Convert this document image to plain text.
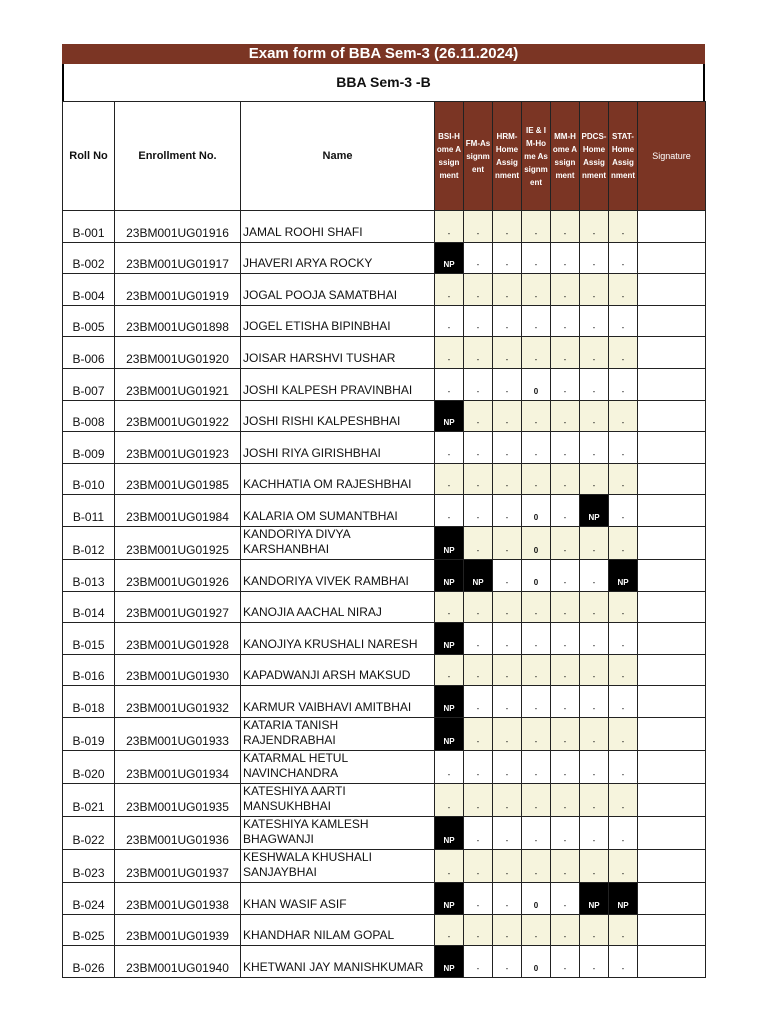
Exam form of BBA Sem-3 (26.11.2024)
BBA Sem-3 -B
Roll No	Enrollment No.	Name	BSI-Home Assignment	FM-Assignment	HRM-Home Assignment	IE & IM-Home Assignment	MM-Home Assignment	PDCS-Home Assignment	STAT-Home Assignment	Signature
B-001	23BM001UG01916	JAMAL ROOHI SHAFI	-	-	-	-	-	-	-	
B-002	23BM001UG01917	JHAVERI ARYA ROCKY	NP	-	-	-	-	-	-	
B-004	23BM001UG01919	JOGAL POOJA SAMATBHAI	-	-	-	-	-	-	-	
B-005	23BM001UG01898	JOGEL ETISHA BIPINBHAI	-	-	-	-	-	-	-	
B-006	23BM001UG01920	JOISAR HARSHVI TUSHAR	-	-	-	-	-	-	-	
B-007	23BM001UG01921	JOSHI KALPESH PRAVINBHAI	-	-	-	0	-	-	-	
B-008	23BM001UG01922	JOSHI RISHI KALPESHBHAI	NP	-	-	-	-	-	-	
B-009	23BM001UG01923	JOSHI RIYA GIRISHBHAI	-	-	-	-	-	-	-	
B-010	23BM001UG01985	KACHHATIA OM RAJESHBHAI	-	-	-	-	-	-	-	
B-011	23BM001UG01984	KALARIA OM SUMANTBHAI	-	-	-	0	-	NP	-	
B-012	23BM001UG01925	KANDORIYA DIVYA KARSHANBHAI	NP	-	-	0	-	-	-	
B-013	23BM001UG01926	KANDORIYA VIVEK RAMBHAI	NP	NP	-	0	-	-	NP	
B-014	23BM001UG01927	KANOJIA AACHAL NIRAJ	-	-	-	-	-	-	-	
B-015	23BM001UG01928	KANOJIYA KRUSHALI NARESH	NP	-	-	-	-	-	-	
B-016	23BM001UG01930	KAPADWANJI ARSH MAKSUD	-	-	-	-	-	-	-	
B-018	23BM001UG01932	KARMUR VAIBHAVI AMITBHAI	NP	-	-	-	-	-	-	
B-019	23BM001UG01933	KATARIA TANISH RAJENDRABHAI	NP	-	-	-	-	-	-	
B-020	23BM001UG01934	KATARMAL HETUL NAVINCHANDRA	-	-	-	-	-	-	-	
B-021	23BM001UG01935	KATESHIYA AARTI MANSUKHBHAI	-	-	-	-	-	-	-	
B-022	23BM001UG01936	KATESHIYA KAMLESH BHAGWANJI	NP	-	-	-	-	-	-	
B-023	23BM001UG01937	KESHWALA KHUSHALI SANJAYBHAI	-	-	-	-	-	-	-	
B-024	23BM001UG01938	KHAN WASIF ASIF	NP	-	-	0	-	NP	NP	
B-025	23BM001UG01939	KHANDHAR NILAM GOPAL	-	-	-	-	-	-	-	
B-026	23BM001UG01940	KHETWANI JAY MANISHKUMAR	NP	-	-	0	-	-	-	
